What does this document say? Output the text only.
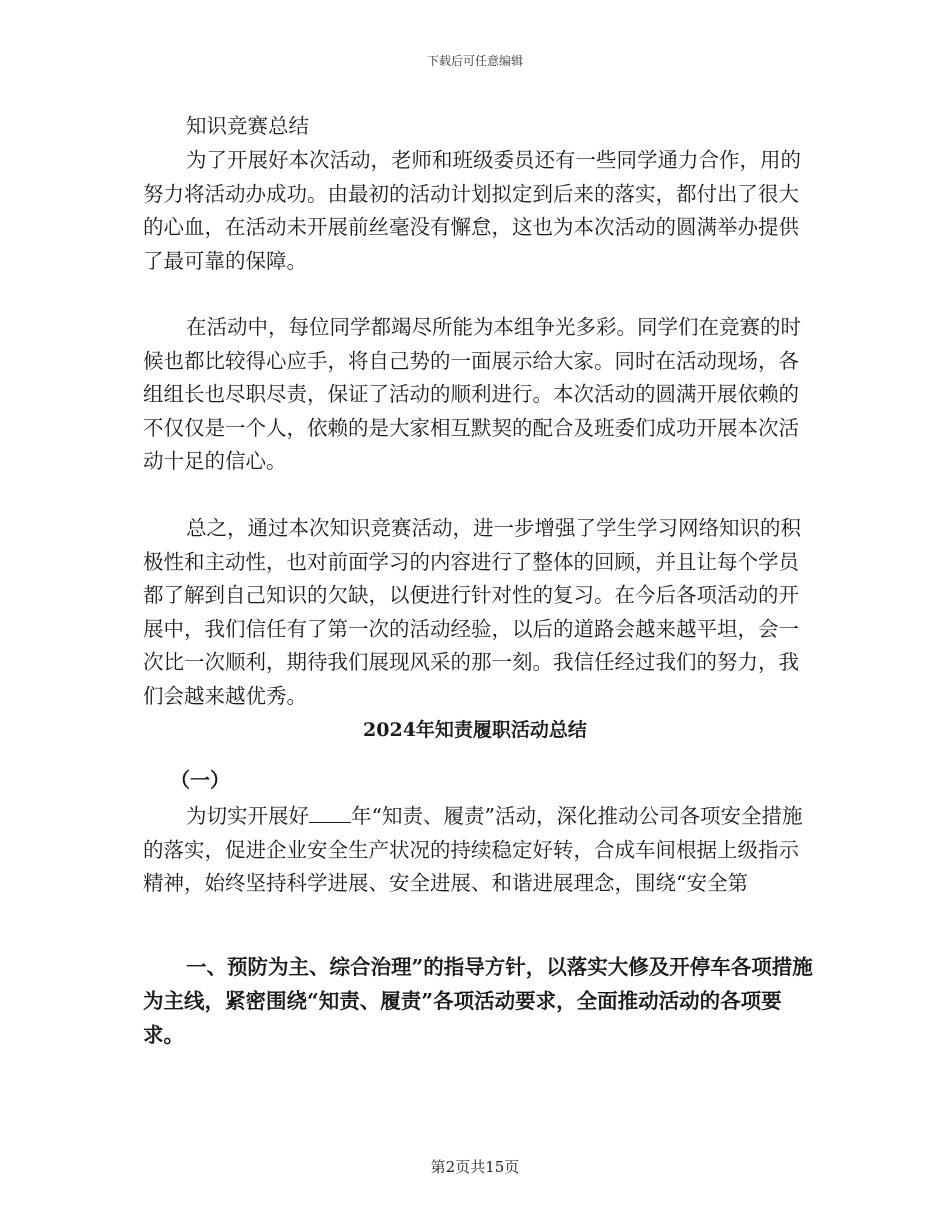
下载后可任意编辑

知识竞赛总结

为了开展好本次活动，老师和班级委员还有一些同学通力合作，用的努力将活动办成功。由最初的活动计划拟定到后来的落实，都付出了很大的心血，在活动未开展前丝毫没有懈怠，这也为本次活动的圆满举办提供了最可靠的保障。

在活动中，每位同学都竭尽所能为本组争光多彩。同学们在竞赛的时候也都比较得心应手，将自己势的一面展示给大家。同时在活动现场，各组组长也尽职尽责，保证了活动的顺利进行。本次活动的圆满开展依赖的不仅仅是一个人，依赖的是大家相互默契的配合及班委们成功开展本次活动十足的信心。

总之，通过本次知识竞赛活动，进一步增强了学生学习网络知识的积极性和主动性，也对前面学习的内容进行了整体的回顾，并且让每个学员都了解到自己知识的欠缺，以便进行针对性的复习。在今后各项活动的开展中，我们信任有了第一次的活动经验，以后的道路会越来越平坦，会一次比一次顺利，期待我们展现风采的那一刻。我信任经过我们的努力，我们会越来越优秀。

2024年知责履职活动总结
（一）

为切实开展好 年“知责、履责”活动，深化推动公司各项安全措施的落实，促进企业安全生产状况的持续稳定好转，合成车间根据上级指示精神，始终坚持科学进展、安全进展、和谐进展理念，围绕“安全第

一、预防为主、综合治理”的指导方针，以落实大修及开停车各项措施为主线，紧密围绕“知责、履责”各项活动要求，全面推动活动的各项要求。

第2页共15页
